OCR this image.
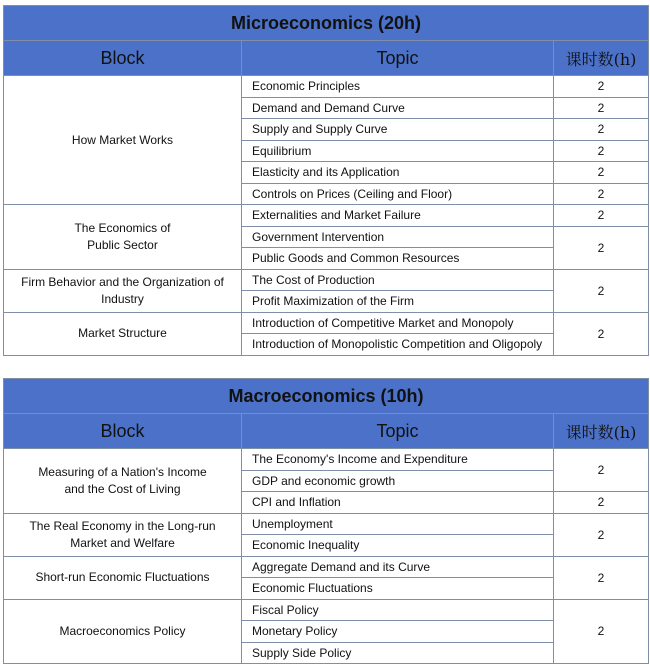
Microeconomics (20h)		
Block	Topic	课时数(h)
How Market Works	Economic Principles	2
	Demand and Demand Curve	2
	Supply and Supply Curve	2
	Equilibrium	2
	Elasticity and its Application	2
	Controls on Prices (Ceiling and Floor)	2

The Economics of
Public Sector	Externalities and Market Failure	2
	Government Intervention	2
	Public Goods and Common Resources	

Firm Behavior and the Organization of
Industry	The Cost of Production	2
	Profit Maximization of the Firm	
Market Structure	Introduction of Competitive Market and Monopoly	2
	Introduction of Monopolistic Competition and Oligopoly	
Macroeconomics (10h)		
Block	Topic	课时数(h)

Measuring of a Nation's Income
and the Cost of Living	The Economy's Income and Expenditure	2
	GDP and economic growth	
	CPI and Inflation	2

The Real Economy in the Long-run
Market and Welfare	Unemployment	2
	Economic Inequality	
Short-run Economic Fluctuations	Aggregate Demand and its Curve	2
	Economic Fluctuations	
Macroeconomics Policy	Fiscal Policy	2
	Monetary Policy	
	Supply Side Policy	
